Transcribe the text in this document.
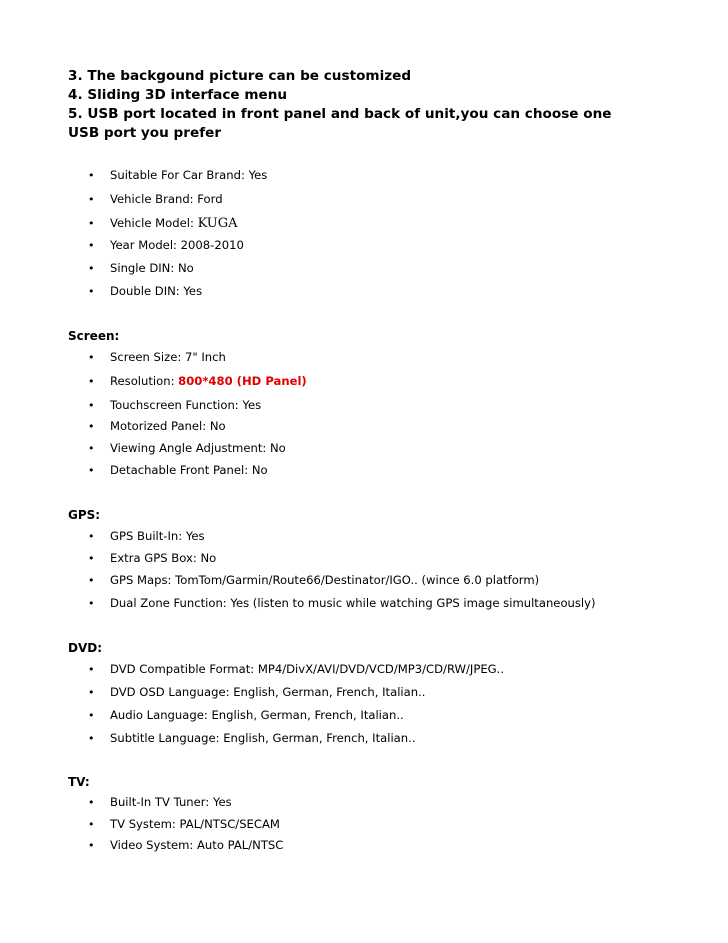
3. The backgound picture can be customized
4. Sliding 3D interface menu
5. USB port located in front panel and back of unit,you can choose one
USB port you prefer
• Suitable For Car Brand: Yes
• Vehicle Brand: Ford
• Vehicle Model: KUGA
• Year Model: 2008-2010
• Single DIN: No
• Double DIN: Yes
Screen:
• Screen Size: 7" Inch
• Resolution: 800*480 (HD Panel)
• Touchscreen Function: Yes
• Motorized Panel: No
• Viewing Angle Adjustment: No
• Detachable Front Panel: No
GPS:
• GPS Built-In: Yes
• Extra GPS Box: No
• GPS Maps: TomTom/Garmin/Route66/Destinator/IGO.. (wince 6.0 platform)
• Dual Zone Function: Yes (listen to music while watching GPS image simultaneously)
DVD:
• DVD Compatible Format: MP4/DivX/AVI/DVD/VCD/MP3/CD/RW/JPEG..
• DVD OSD Language: English, German, French, Italian..
• Audio Language: English, German, French, Italian..
• Subtitle Language: English, German, French, Italian..
TV:
• Built-In TV Tuner: Yes
• TV System: PAL/NTSC/SECAM
• Video System: Auto PAL/NTSC
